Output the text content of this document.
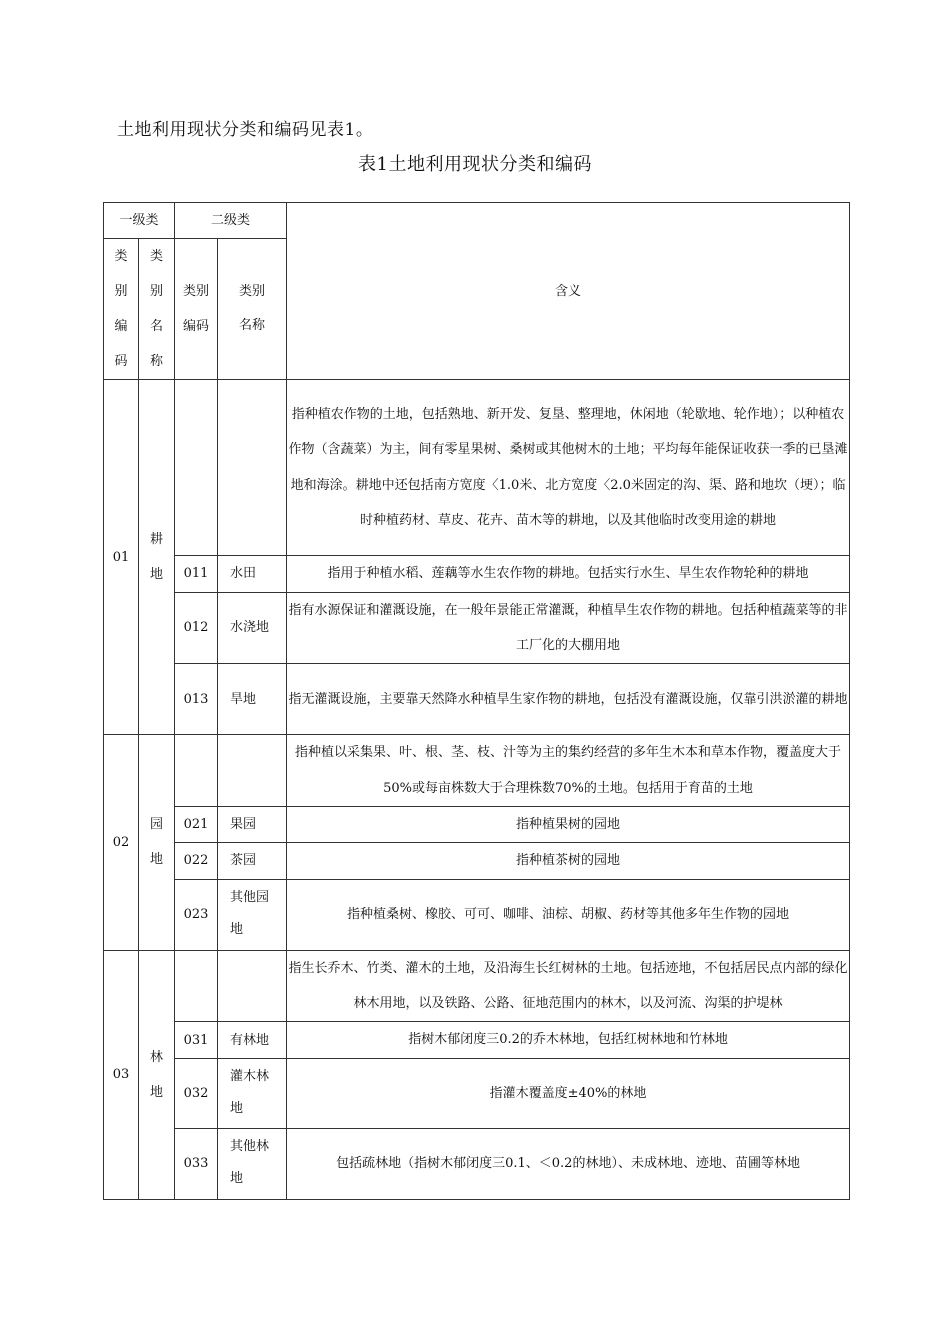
土地利用现状分类和编码见表1。
表1土地利用现状分类和编码
一级类		二级类		含义
类别编码	类别名称	类别编码	类别名称	
01	耕地			指种植农作物的土地，包括熟地、新开发、复垦、整理地，休闲地（轮歇地、轮作地）；以种植农作物（含蔬菜）为主，间有零星果树、桑树或其他树木的土地；平均每年能保证收获一季的已垦滩地和海涂。耕地中还包括南方宽度〈1.0米、北方宽度〈2.0米固定的沟、渠、路和地坎（埂）；临时种植药材、草皮、花卉、苗木等的耕地，以及其他临时改变用途的耕地
		011	水田	指用于种植水稻、莲藕等水生农作物的耕地。包括实行水生、旱生农作物轮种的耕地
		012	水浇地	指有水源保证和灌溉设施，在一般年景能正常灌溉，种植旱生农作物的耕地。包括种植蔬菜等的非工厂化的大棚用地
		013	旱地	指无灌溉设施，主要靠天然降水种植旱生家作物的耕地，包括没有灌溉设施，仅靠引洪淤灌的耕地
02	园地			指种植以采集果、叶、根、茎、枝、汁等为主的集约经营的多年生木本和草本作物，覆盖度大于50%或每亩株数大于合理株数70%的土地。包括用于育苗的土地
		021	果园	指种植果树的园地
		022	茶园	指种植茶树的园地
		023	其他园地	指种植桑树、橡胶、可可、咖啡、油棕、胡椒、药材等其他多年生作物的园地
03	林地			指生长乔木、竹类、灌木的土地，及沿海生长红树林的土地。包括迹地，不包括居民点内部的绿化林木用地，以及铁路、公路、征地范围内的林木，以及河流、沟渠的护堤林
		031	有林地	指树木郁闭度三0.2的乔木林地，包括红树林地和竹林地
		032	灌木林地	指灌木覆盖度±40%的林地
		033	其他林地	包括疏林地（指树木郁闭度三0.1、＜0.2的林地）、未成林地、迹地、苗圃等林地
